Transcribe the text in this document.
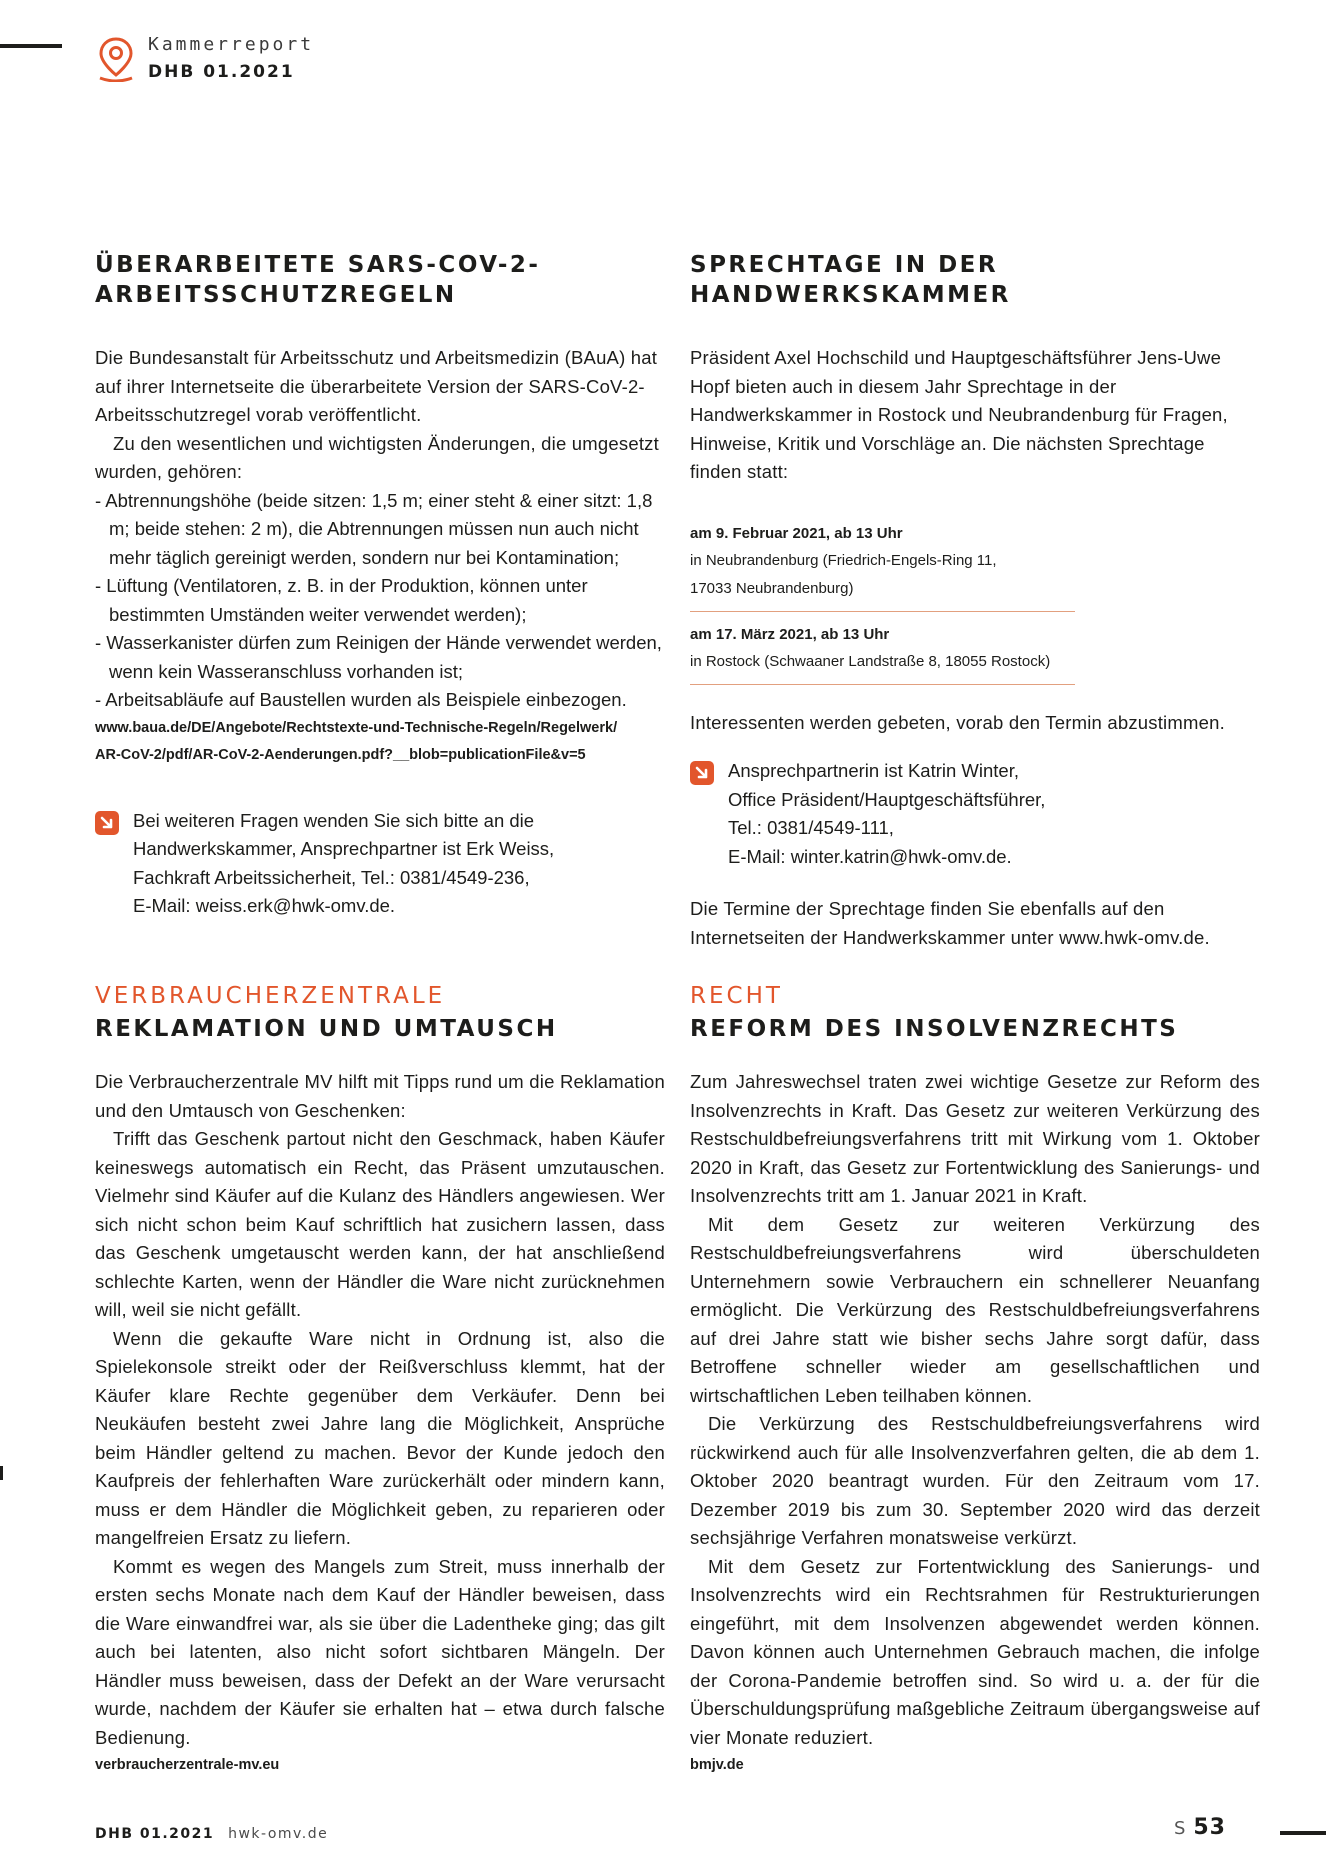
Kammerreport
DHB 01.2021
ÜBERARBEITETE SARS-COV-2-
ARBEITSSCHUTZREGELN

Die Bundesanstalt für Arbeitsschutz und Arbeitsmedizin (BAuA) hat auf ihrer Internetseite die überarbeitete Version der SARS-CoV-2-Arbeitsschutzregel vorab veröffentlicht.

Zu den wesentlichen und wichtigsten Änderungen, die umgesetzt wurden, gehören:

- Abtrennungshöhe (beide sitzen: 1,5 m; einer steht & einer sitzt: 1,8 m; beide stehen: 2 m), die Abtrennungen müssen nun auch nicht mehr täglich gereinigt werden, sondern nur bei Kontamination;
- Lüftung (Ventilatoren, z. B. in der Produktion, können unter bestimmten Umständen weiter verwendet werden);
- Wasserkanister dürfen zum Reinigen der Hände verwendet werden, wenn kein Wasseranschluss vorhanden ist;
- Arbeitsabläufe auf Baustellen wurden als Beispiele einbezogen.

www.baua.de/DE/Angebote/Rechtstexte-und-Technische-Regeln/Regelwerk/
AR-CoV-2/pdf/AR-CoV-2-Aenderungen.pdf?__blob=publicationFile&v=5

Bei weiteren Fragen wenden Sie sich bitte an die

Handwerkskammer, Ansprechpartner ist Erk Weiss,

Fachkraft Arbeitssicherheit, Tel.: 0381/4549-236,

E-Mail: weiss.erk@hwk-omv.de.

SPRECHTAGE IN DER
HANDWERKSKAMMER

Präsident Axel Hochschild und Hauptgeschäftsführer Jens-Uwe Hopf bieten auch in diesem Jahr Sprechtage in der Handwerkskammer in Rostock und Neubrandenburg für Fragen, Hinweise, Kritik und Vorschläge an. Die nächsten Sprechtage finden statt:

am 9. Februar 2021, ab 13 Uhr
in Neubrandenburg (Friedrich-Engels-Ring 11,
17033 Neubrandenburg)
am 17. März 2021, ab 13 Uhr
in Rostock (Schwaaner Landstraße 8, 18055 Rostock)

Interessenten werden gebeten, vorab den Termin abzustimmen.

Ansprechpartnerin ist Katrin Winter,

Office Präsident/Hauptgeschäftsführer,

Tel.: 0381/4549-111,

E-Mail: winter.katrin@hwk-omv.de.

Die Termine der Sprechtage finden Sie ebenfalls auf den Internetseiten der Handwerkskammer unter www.hwk-omv.de.

VERBRAUCHERZENTRALE
REKLAMATION UND UMTAUSCH

Die Verbraucherzentrale MV hilft mit Tipps rund um die Reklamation und den Umtausch von Geschenken:

Trifft das Geschenk partout nicht den Geschmack, haben Käufer keineswegs automatisch ein Recht, das Präsent umzutauschen. Vielmehr sind Käufer auf die Kulanz des Händlers angewiesen. Wer sich nicht schon beim Kauf schriftlich hat zusichern lassen, dass das Geschenk umgetauscht werden kann, der hat anschließend schlechte Karten, wenn der Händler die Ware nicht zurücknehmen will, weil sie nicht gefällt.

Wenn die gekaufte Ware nicht in Ordnung ist, also die Spielekonsole streikt oder der Reißverschluss klemmt, hat der Käufer klare Rechte gegenüber dem Verkäufer. Denn bei Neukäufen besteht zwei Jahre lang die Möglichkeit, Ansprüche beim Händler geltend zu machen. Bevor der Kunde jedoch den Kaufpreis der fehlerhaften Ware zurückerhält oder mindern kann, muss er dem Händler die Möglichkeit geben, zu reparieren oder mangelfreien Ersatz zu liefern.

Kommt es wegen des Mangels zum Streit, muss innerhalb der ersten sechs Monate nach dem Kauf der Händler beweisen, dass die Ware einwandfrei war, als sie über die Ladentheke ging; das gilt auch bei latenten, also nicht sofort sichtbaren Mängeln. Der Händler muss beweisen, dass der Defekt an der Ware verursacht wurde, nachdem der Käufer sie erhalten hat – etwa durch falsche Bedienung.

verbraucherzentrale-mv.eu

RECHT
REFORM DES INSOLVENZRECHTS

Zum Jahreswechsel traten zwei wichtige Gesetze zur Reform des Insolvenzrechts in Kraft. Das Gesetz zur weiteren Verkürzung des Restschuldbefreiungsverfahrens tritt mit Wirkung vom 1. Oktober 2020 in Kraft, das Gesetz zur Fortentwicklung des Sanierungs- und Insolvenzrechts tritt am 1. Januar 2021 in Kraft.

Mit dem Gesetz zur weiteren Verkürzung des Restschuldbefreiungsverfahrens wird überschuldeten Unternehmern sowie Verbrauchern ein schnellerer Neuanfang ermöglicht. Die Verkürzung des Restschuldbefreiungsverfahrens auf drei Jahre statt wie bisher sechs Jahre sorgt dafür, dass Betroffene schneller wieder am gesellschaftlichen und wirtschaftlichen Leben teilhaben können.

Die Verkürzung des Restschuldbefreiungsverfahrens wird rückwirkend auch für alle Insolvenzverfahren gelten, die ab dem 1. Oktober 2020 beantragt wurden. Für den Zeitraum vom 17. Dezember 2019 bis zum 30. September 2020 wird das derzeit sechsjährige Verfahren monatsweise verkürzt.

Mit dem Gesetz zur Fortentwicklung des Sanierungs- und Insolvenzrechts wird ein Rechtsrahmen für Restrukturierungen eingeführt, mit dem Insolvenzen abgewendet werden können. Davon können auch Unternehmen Gebrauch machen, die infolge der Corona-Pandemie betroffen sind. So wird u. a. der für die Überschuldungsprüfung maßgebliche Zeitraum übergangsweise auf vier Monate reduziert.

bmjv.de

DHB 01.2021 hwk-omv.de	S 53
